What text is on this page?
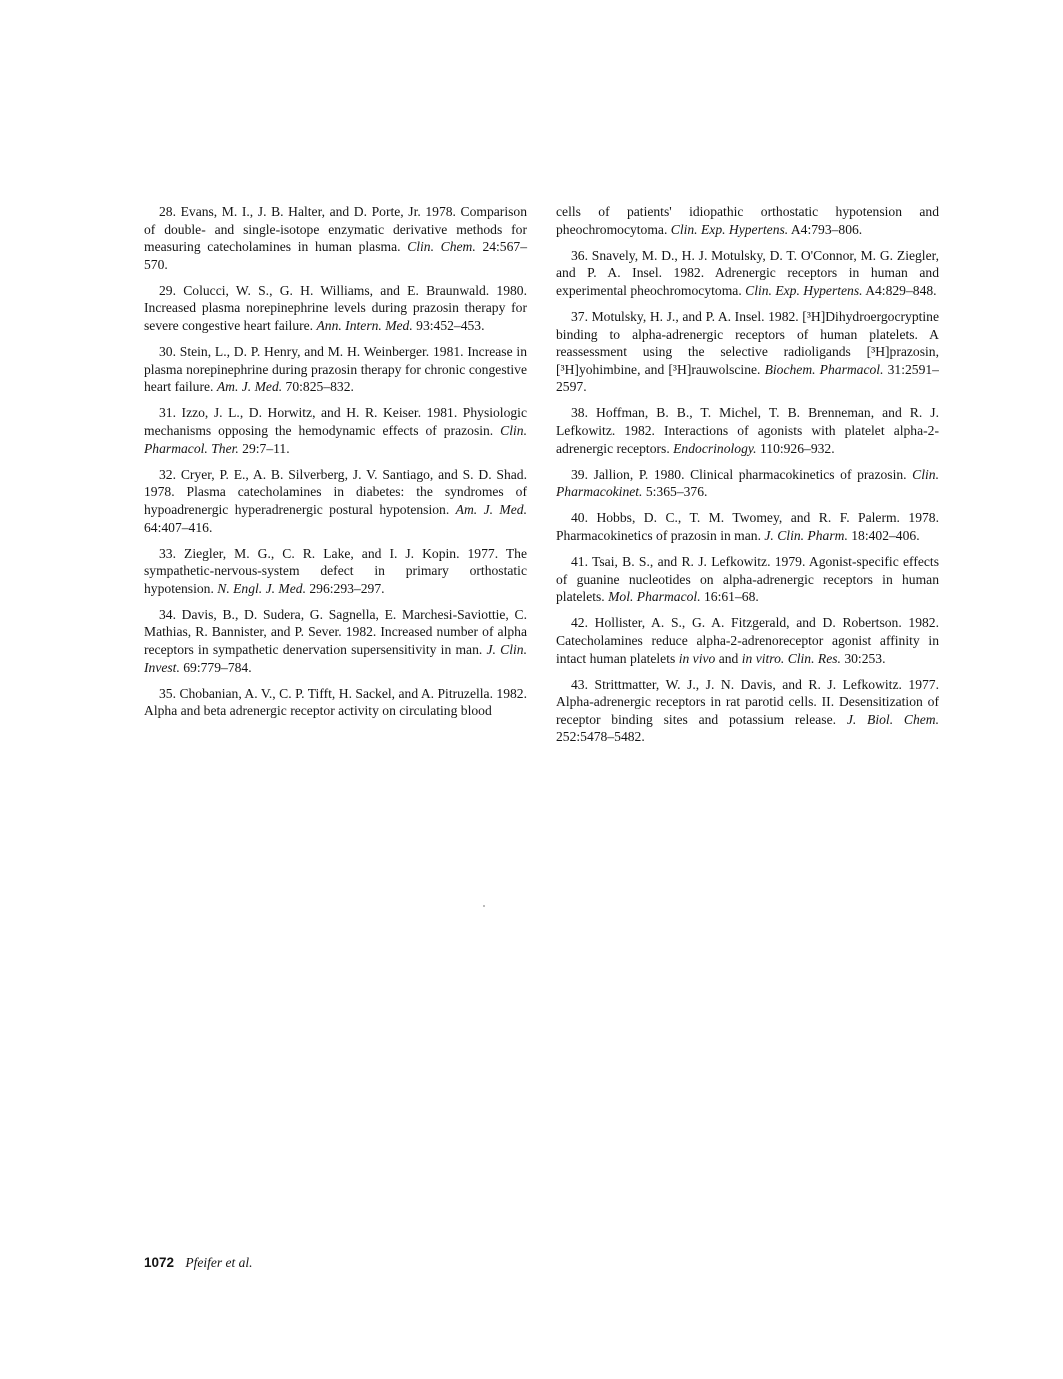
28. Evans, M. I., J. B. Halter, and D. Porte, Jr. 1978. Comparison of double- and single-isotope enzymatic derivative methods for measuring catecholamines in human plasma. Clin. Chem. 24:567–570.

29. Colucci, W. S., G. H. Williams, and E. Braunwald. 1980. Increased plasma norepinephrine levels during prazosin therapy for severe congestive heart failure. Ann. Intern. Med. 93:452–453.

30. Stein, L., D. P. Henry, and M. H. Weinberger. 1981. Increase in plasma norepinephrine during prazosin therapy for chronic congestive heart failure. Am. J. Med. 70:825–832.

31. Izzo, J. L., D. Horwitz, and H. R. Keiser. 1981. Physiologic mechanisms opposing the hemodynamic effects of prazosin. Clin. Pharmacol. Ther. 29:7–11.

32. Cryer, P. E., A. B. Silverberg, J. V. Santiago, and S. D. Shad. 1978. Plasma catecholamines in diabetes: the syndromes of hypoadrenergic hyperadrenergic postural hypotension. Am. J. Med. 64:407–416.

33. Ziegler, M. G., C. R. Lake, and I. J. Kopin. 1977. The sympathetic-nervous-system defect in primary orthostatic hypotension. N. Engl. J. Med. 296:293–297.

34. Davis, B., D. Sudera, G. Sagnella, E. Marchesi-Saviottie, C. Mathias, R. Bannister, and P. Sever. 1982. Increased number of alpha receptors in sympathetic denervation supersensitivity in man. J. Clin. Invest. 69:779–784.

35. Chobanian, A. V., C. P. Tifft, H. Sackel, and A. Pitruzella. 1982. Alpha and beta adrenergic receptor activity on circulating blood

cells of patients' idiopathic orthostatic hypotension and pheochromocytoma. Clin. Exp. Hypertens. A4:793–806.

36. Snavely, M. D., H. J. Motulsky, D. T. O'Connor, M. G. Ziegler, and P. A. Insel. 1982. Adrenergic receptors in human and experimental pheochromocytoma. Clin. Exp. Hypertens. A4:829–848.

37. Motulsky, H. J., and P. A. Insel. 1982. [³H]Dihydroergocryptine binding to alpha-adrenergic receptors of human platelets. A reassessment using the selective radioligands [³H]prazosin, [³H]yohimbine, and [³H]rauwolscine. Biochem. Pharmacol. 31:2591–2597.

38. Hoffman, B. B., T. Michel, T. B. Brenneman, and R. J. Lefkowitz. 1982. Interactions of agonists with platelet alpha-2-adrenergic receptors. Endocrinology. 110:926–932.

39. Jallion, P. 1980. Clinical pharmacokinetics of prazosin. Clin. Pharmacokinet. 5:365–376.

40. Hobbs, D. C., T. M. Twomey, and R. F. Palerm. 1978. Pharmacokinetics of prazosin in man. J. Clin. Pharm. 18:402–406.

41. Tsai, B. S., and R. J. Lefkowitz. 1979. Agonist-specific effects of guanine nucleotides on alpha-adrenergic receptors in human platelets. Mol. Pharmacol. 16:61–68.

42. Hollister, A. S., G. A. Fitzgerald, and D. Robertson. 1982. Catecholamines reduce alpha-2-adrenoreceptor agonist affinity in intact human platelets in vivo and in vitro. Clin. Res. 30:253.

43. Strittmatter, W. J., J. N. Davis, and R. J. Lefkowitz. 1977. Alpha-adrenergic receptors in rat parotid cells. II. Desensitization of receptor binding sites and potassium release. J. Biol. Chem. 252:5478–5482.

1072 Pfeifer et al.
